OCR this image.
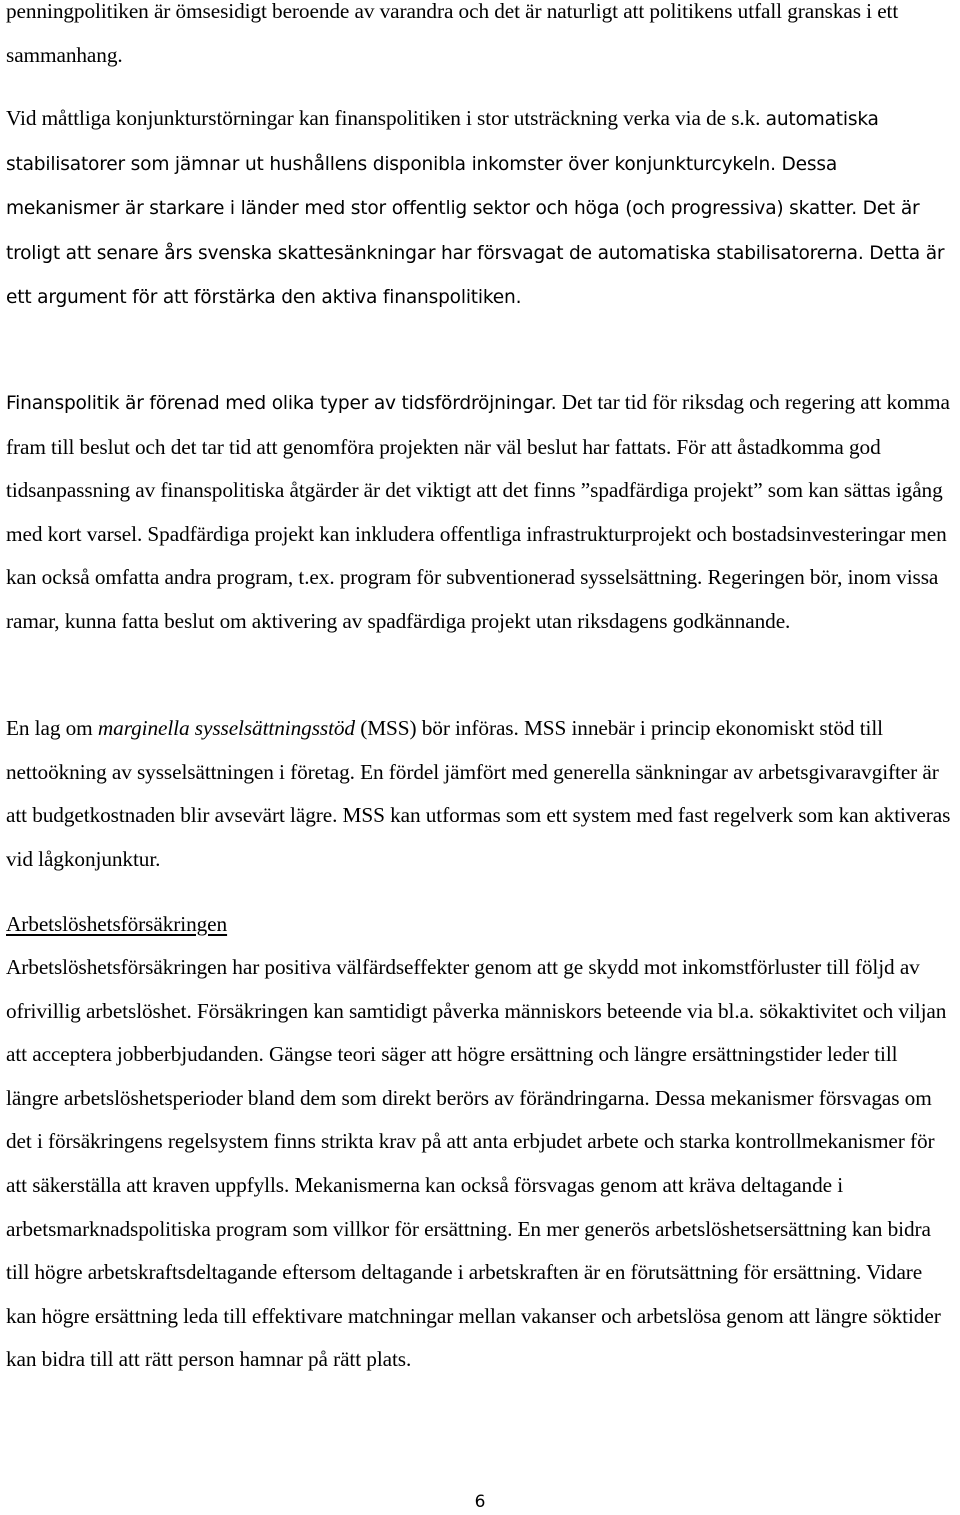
penningpolitiken är ömsesidigt beroende av varandra och det är naturligt att politikens utfall granskas i ett sammanhang.

Vid måttliga konjunkturstörningar kan finanspolitiken i stor utsträckning verka via de s.k. automatiska stabilisatorer som jämnar ut hushållens disponibla inkomster över konjunkturcykeln. Dessa mekanismer är starkare i länder med stor offentlig sektor och höga (och progressiva) skatter. Det är troligt att senare års svenska skattesänkningar har försvagat de automatiska stabilisatorerna. Detta är ett argument för att förstärka den aktiva finanspolitiken.

Finanspolitik är förenad med olika typer av tidsfördröjningar. Det tar tid för riksdag och regering att komma fram till beslut och det tar tid att genomföra projekten när väl beslut har fattats. För att åstadkomma god tidsanpassning av finanspolitiska åtgärder är det viktigt att det finns ”spadfärdiga projekt” som kan sättas igång med kort varsel. Spadfärdiga projekt kan inkludera offentliga infrastrukturprojekt och bostadsinvesteringar men kan också omfatta andra program, t.ex. program för subventionerad sysselsättning. Regeringen bör, inom vissa ramar, kunna fatta beslut om aktivering av spadfärdiga projekt utan riksdagens godkännande.

En lag om marginella sysselsättningsstöd (MSS) bör införas. MSS innebär i princip ekonomiskt stöd till nettoökning av sysselsättningen i företag. En fördel jämfört med generella sänkningar av arbetsgivaravgifter är att budgetkostnaden blir avsevärt lägre. MSS kan utformas som ett system med fast regelverk som kan aktiveras vid lågkonjunktur.

Arbetslöshetsförsäkringen

Arbetslöshetsförsäkringen har positiva välfärdseffekter genom att ge skydd mot inkomstförluster till följd av ofrivillig arbetslöshet. Försäkringen kan samtidigt påverka människors beteende via bl.a. sökaktivitet och viljan att acceptera jobberbjudanden. Gängse teori säger att högre ersättning och längre ersättningstider leder till längre arbetslöshetsperioder bland dem som direkt berörs av förändringarna. Dessa mekanismer försvagas om det i försäkringens regelsystem finns strikta krav på att anta erbjudet arbete och starka kontrollmekanismer för att säkerställa att kraven uppfylls. Mekanismerna kan också försvagas genom att kräva deltagande i arbetsmarknadspolitiska program som villkor för ersättning. En mer generös arbetslöshetsersättning kan bidra till högre arbetskraftsdeltagande eftersom deltagande i arbetskraften är en förutsättning för ersättning. Vidare kan högre ersättning leda till effektivare matchningar mellan vakanser och arbetslösa genom att längre söktider kan bidra till att rätt person hamnar på rätt plats.

6
